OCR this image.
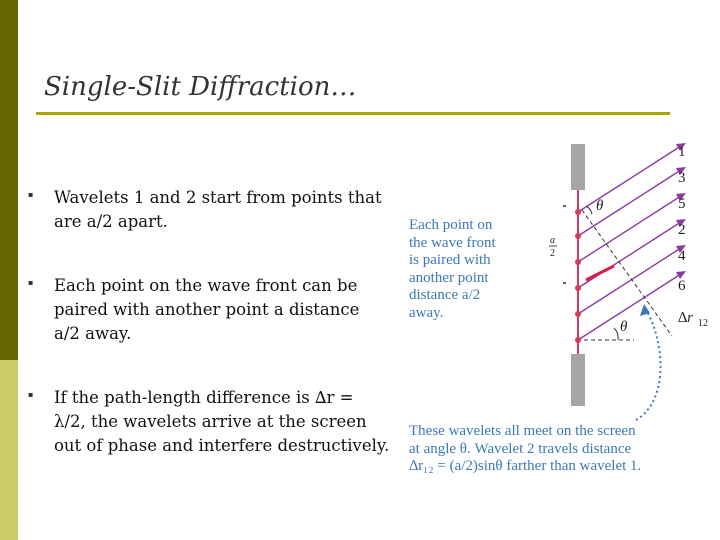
Single-Slit Diffraction…
▪ Wavelets 1 and 2 start from points that are a/2 apart.
▪ Each point on the wave front can be paired with another point a distance a/2 away.
▪ If the path-length difference is ∆r = λ/2, the wavelets arrive at the screen out of phase and interfere destructively.
Each point on
the wave front
is paired with
another point
distance a/2
away.
These wavelets all meet on the screen
at angle θ. Wavelet 2 travels distance
∆r₁₂ = (a/2)sinθ farther than wavelet 1.
1
3
5
2
4
6
θ
θ
a
2
∆r 12
